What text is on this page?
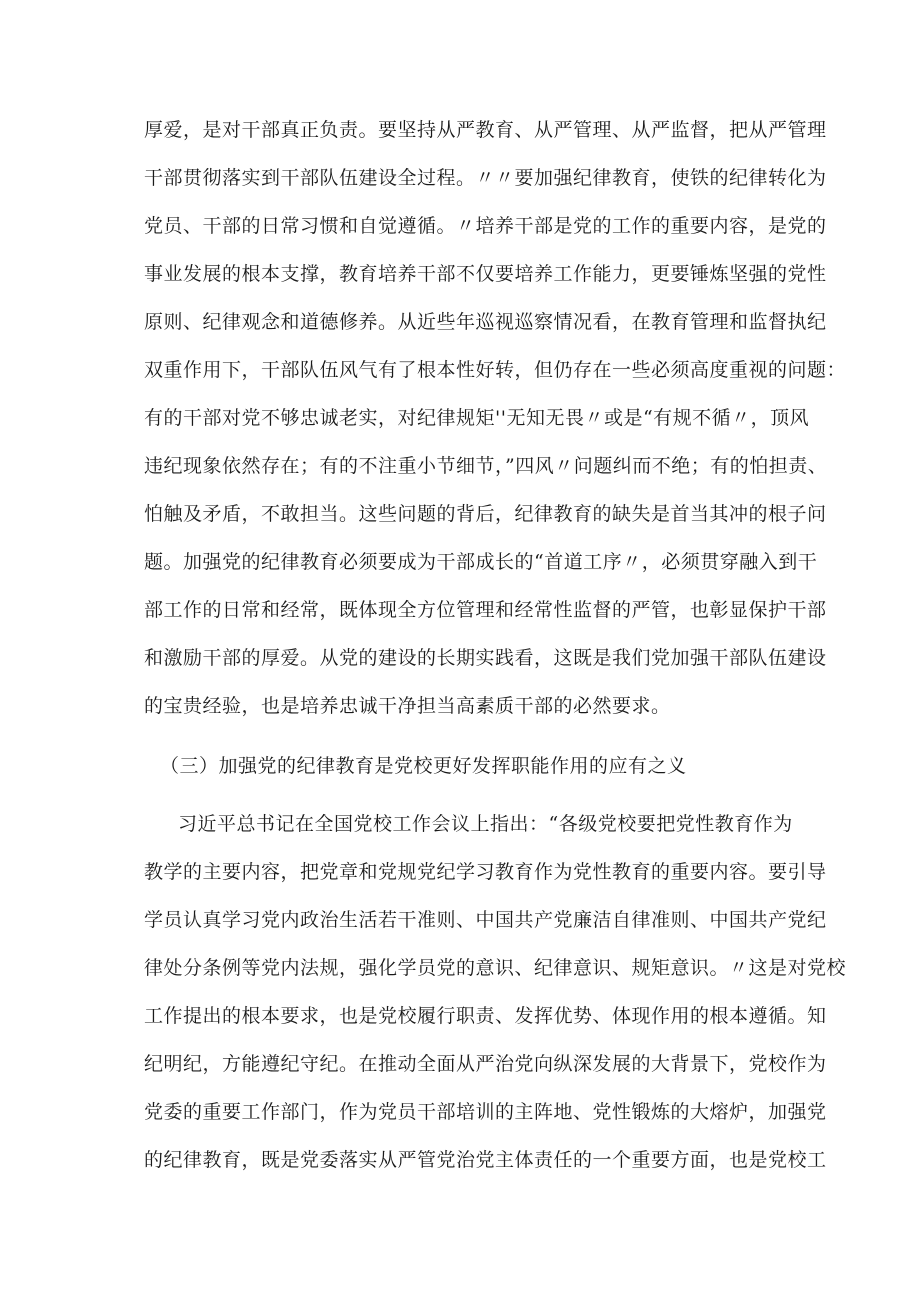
厚爱，是对干部真正负责。要坚持从严教育、从严管理、从严监督，把从严管理
干部贯彻落实到干部队伍建设全过程。〃〃要加强纪律教育，使铁的纪律转化为
党员、干部的日常习惯和自觉遵循。〃培养干部是党的工作的重要内容，是党的
事业发展的根本支撑，教育培养干部不仅要培养工作能力，更要锤炼坚强的党性
原则、纪律观念和道德修养。从近些年巡视巡察情况看，在教育管理和监督执纪
双重作用下，干部队伍风气有了根本性好转，但仍存在一些必须高度重视的问题：
有的干部对党不够忠诚老实，对纪律规矩''无知无畏〃或是“有规不循〃，顶风
违纪现象依然存在；有的不注重小节细节，”四风〃问题纠而不绝；有的怕担责、
怕触及矛盾，不敢担当。这些问题的背后，纪律教育的缺失是首当其冲的根子问
题。加强党的纪律教育必须要成为干部成长的“首道工序〃，必须贯穿融入到干
部工作的日常和经常，既体现全方位管理和经常性监督的严管，也彰显保护干部
和激励干部的厚爱。从党的建设的长期实践看，这既是我们党加强干部队伍建设
的宝贵经验，也是培养忠诚干净担当高素质干部的必然要求。
（三）加强党的纪律教育是党校更好发挥职能作用的应有之义
习近平总书记在全国党校工作会议上指出：“各级党校要把党性教育作为
教学的主要内容，把党章和党规党纪学习教育作为党性教育的重要内容。要引导
学员认真学习党内政治生活若干准则、中国共产党廉洁自律准则、中国共产党纪
律处分条例等党内法规，强化学员党的意识、纪律意识、规矩意识。〃这是对党校
工作提出的根本要求，也是党校履行职责、发挥优势、体现作用的根本遵循。知
纪明纪，方能遵纪守纪。在推动全面从严治党向纵深发展的大背景下，党校作为
党委的重要工作部门，作为党员干部培训的主阵地、党性锻炼的大熔炉，加强党
的纪律教育，既是党委落实从严管党治党主体责任的一个重要方面，也是党校工
